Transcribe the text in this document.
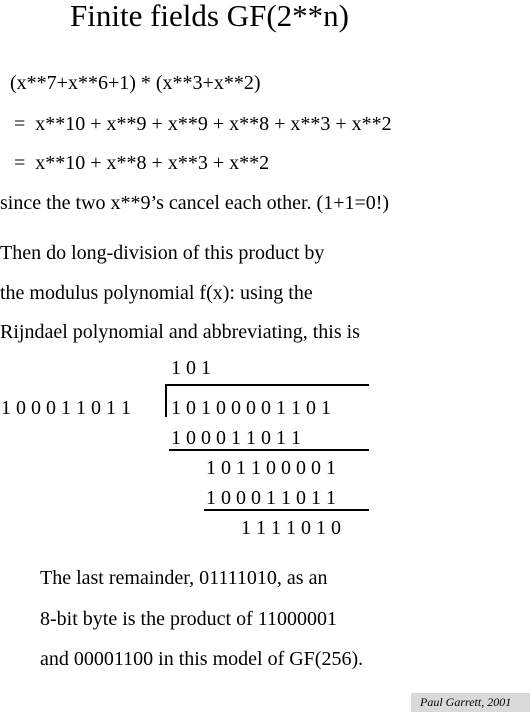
Finite fields GF(2**n)
(x**7+x**6+1) * (x**3+x**2)
=  x**10 + x**9 + x**9 + x**8 + x**3 + x**2
=  x**10 + x**8 + x**3 + x**2
since the two x**9’s cancel each other. (1+1=0!)
Then do long-division of this product by
the modulus polynomial f(x): using the
Rijndael polynomial and abbreviating, this is
1 0 1
1 0 0 0 1 1 0 1 1 1 0 1 0 0 0 0 1 1 0 1
1 0 0 0 1 1 0 1 1
1 0 1 1 0 0 0 0 1
1 0 0 0 1 1 0 1 1
1 1 1 1 0 1 0
The last remainder, 01111010, as an
8-bit byte is the product of 11000001
and 00001100 in this model of GF(256).
Paul Garrett, 2001
